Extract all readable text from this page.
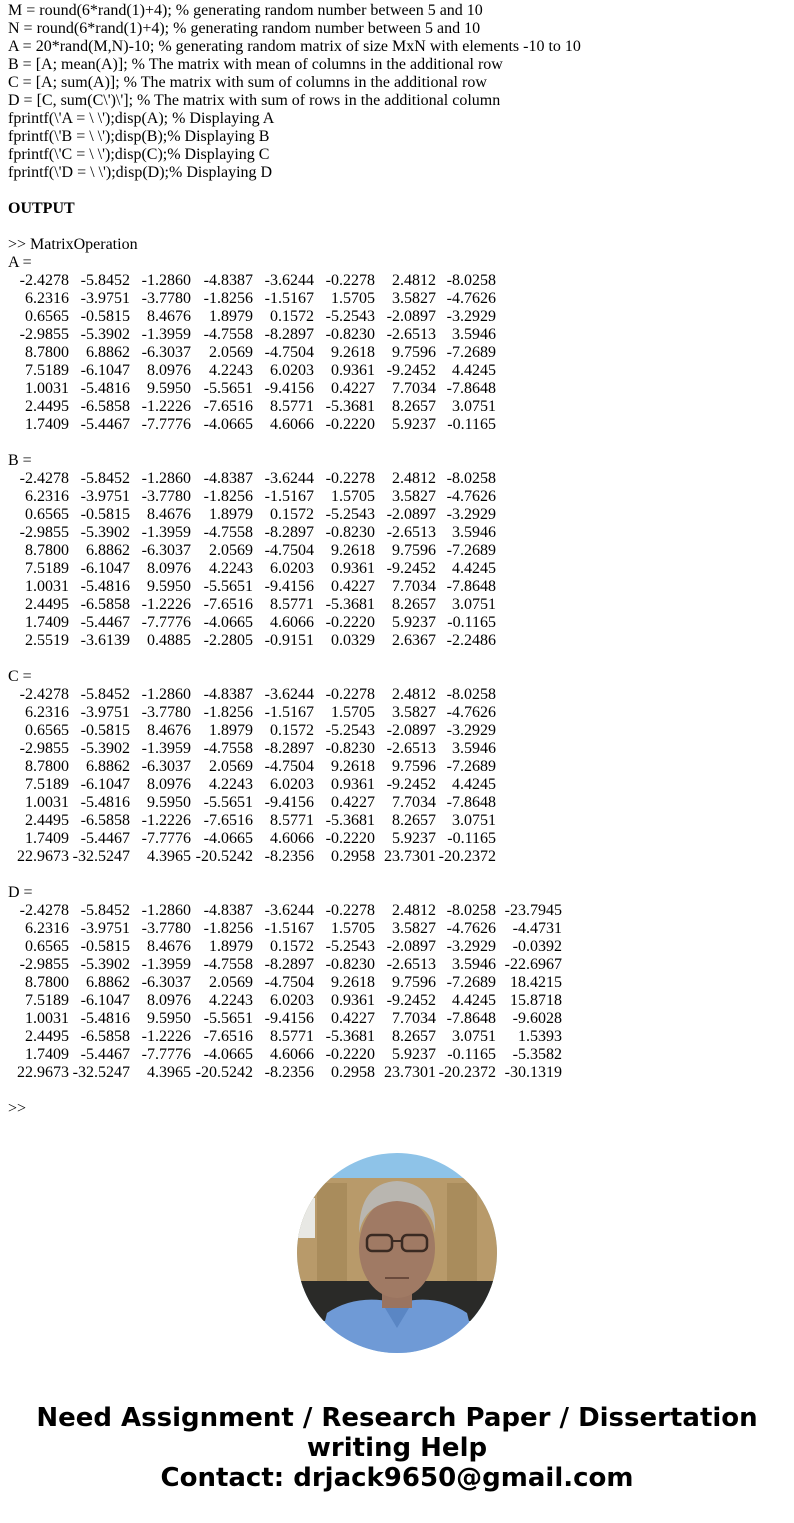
M = round(6*rand(1)+4); % generating random number between 5 and 10
N = round(6*rand(1)+4); % generating random number between 5 and 10
A = 20*rand(M,N)-10; % generating random matrix of size MxN with elements -10 to 10
B = [A; mean(A)]; % The matrix with mean of columns in the additional row
C = [A; sum(A)]; % The matrix with sum of columns in the additional row
D = [C, sum(C\')\']; % The matrix with sum of rows in the additional column
fprintf(\'A = \ \');disp(A); % Displaying A
fprintf(\'B = \ \');disp(B);% Displaying B
fprintf(\'C = \ \');disp(C);% Displaying C
fprintf(\'D = \ \');disp(D);% Displaying D
OUTPUT
>> MatrixOperation
A =
-2.4278 -5.8452 -1.2860 -4.8387 -3.6244 -0.2278	2.4812 -8.0258
6.2316 -3.9751 -3.7780 -1.8256 -1.5167	1.5705	3.5827 -4.7626
0.6565 -0.5815	8.4676	1.8979	0.1572 -5.2543 -2.0897 -3.2929
-2.9855 -5.3902 -1.3959 -4.7558 -8.2897 -0.8230 -2.6513	3.5946
8.7800	6.8862 -6.3037	2.0569 -4.7504	9.2618	9.7596 -7.2689
7.5189 -6.1047	8.0976	4.2243	6.0203	0.9361 -9.2452	4.4245
1.0031 -5.4816	9.5950 -5.5651 -9.4156	0.4227	7.7034 -7.8648
2.4495 -6.5858 -1.2226 -7.6516	8.5771 -5.3681	8.2657	3.0751
1.7409 -5.4467 -7.7776 -4.0665	4.6066 -0.2220	5.9237 -0.1165
B =
-2.4278 -5.8452 -1.2860 -4.8387 -3.6244 -0.2278	2.4812 -8.0258
6.2316 -3.9751 -3.7780 -1.8256 -1.5167	1.5705	3.5827 -4.7626
0.6565 -0.5815	8.4676	1.8979	0.1572 -5.2543 -2.0897 -3.2929
-2.9855 -5.3902 -1.3959 -4.7558 -8.2897 -0.8230 -2.6513	3.5946
8.7800	6.8862 -6.3037	2.0569 -4.7504	9.2618	9.7596 -7.2689
7.5189 -6.1047	8.0976	4.2243	6.0203	0.9361 -9.2452	4.4245
1.0031 -5.4816	9.5950 -5.5651 -9.4156	0.4227	7.7034 -7.8648
2.4495 -6.5858 -1.2226 -7.6516	8.5771 -5.3681	8.2657	3.0751
1.7409 -5.4467 -7.7776 -4.0665	4.6066 -0.2220	5.9237 -0.1165
2.5519 -3.6139	0.4885 -2.2805 -0.9151	0.0329	2.6367 -2.2486
C =
-2.4278 -5.8452 -1.2860 -4.8387 -3.6244 -0.2278	2.4812 -8.0258
6.2316 -3.9751 -3.7780 -1.8256 -1.5167	1.5705	3.5827 -4.7626
0.6565 -0.5815	8.4676	1.8979	0.1572 -5.2543 -2.0897 -3.2929
-2.9855 -5.3902 -1.3959 -4.7558 -8.2897 -0.8230 -2.6513	3.5946
8.7800	6.8862 -6.3037	2.0569 -4.7504	9.2618	9.7596 -7.2689
7.5189 -6.1047	8.0976	4.2243	6.0203	0.9361 -9.2452	4.4245
1.0031 -5.4816	9.5950 -5.5651 -9.4156	0.4227	7.7034 -7.8648
2.4495 -6.5858 -1.2226 -7.6516	8.5771 -5.3681	8.2657	3.0751
1.7409 -5.4467 -7.7776 -4.0665	4.6066 -0.2220	5.9237 -0.1165
22.9673 -32.5247	4.3965 -20.5242 -8.2356	0.2958 23.7301 -20.2372
D =
-2.4278 -5.8452 -1.2860 -4.8387 -3.6244 -0.2278	2.4812 -8.0258 -23.7945
6.2316 -3.9751 -3.7780 -1.8256 -1.5167	1.5705	3.5827 -4.7626	-4.4731
0.6565 -0.5815	8.4676	1.8979	0.1572 -5.2543 -2.0897 -3.2929	-0.0392
-2.9855 -5.3902 -1.3959 -4.7558 -8.2897 -0.8230 -2.6513	3.5946 -22.6967
8.7800	6.8862 -6.3037	2.0569 -4.7504	9.2618	9.7596 -7.2689 18.4215
7.5189 -6.1047	8.0976	4.2243	6.0203	0.9361 -9.2452	4.4245 15.8718
1.0031 -5.4816	9.5950 -5.5651 -9.4156	0.4227	7.7034 -7.8648	-9.6028
2.4495 -6.5858 -1.2226 -7.6516	8.5771 -5.3681	8.2657	3.0751	1.5393
1.7409 -5.4467 -7.7776 -4.0665	4.6066 -0.2220	5.9237 -0.1165	-5.3582
22.9673 -32.5247	4.3965 -20.5242 -8.2356	0.2958 23.7301 -20.2372 -30.1319
>>
Need Assignment / Research Paper / Dissertation
writing Help
Contact: drjack9650@gmail.com
